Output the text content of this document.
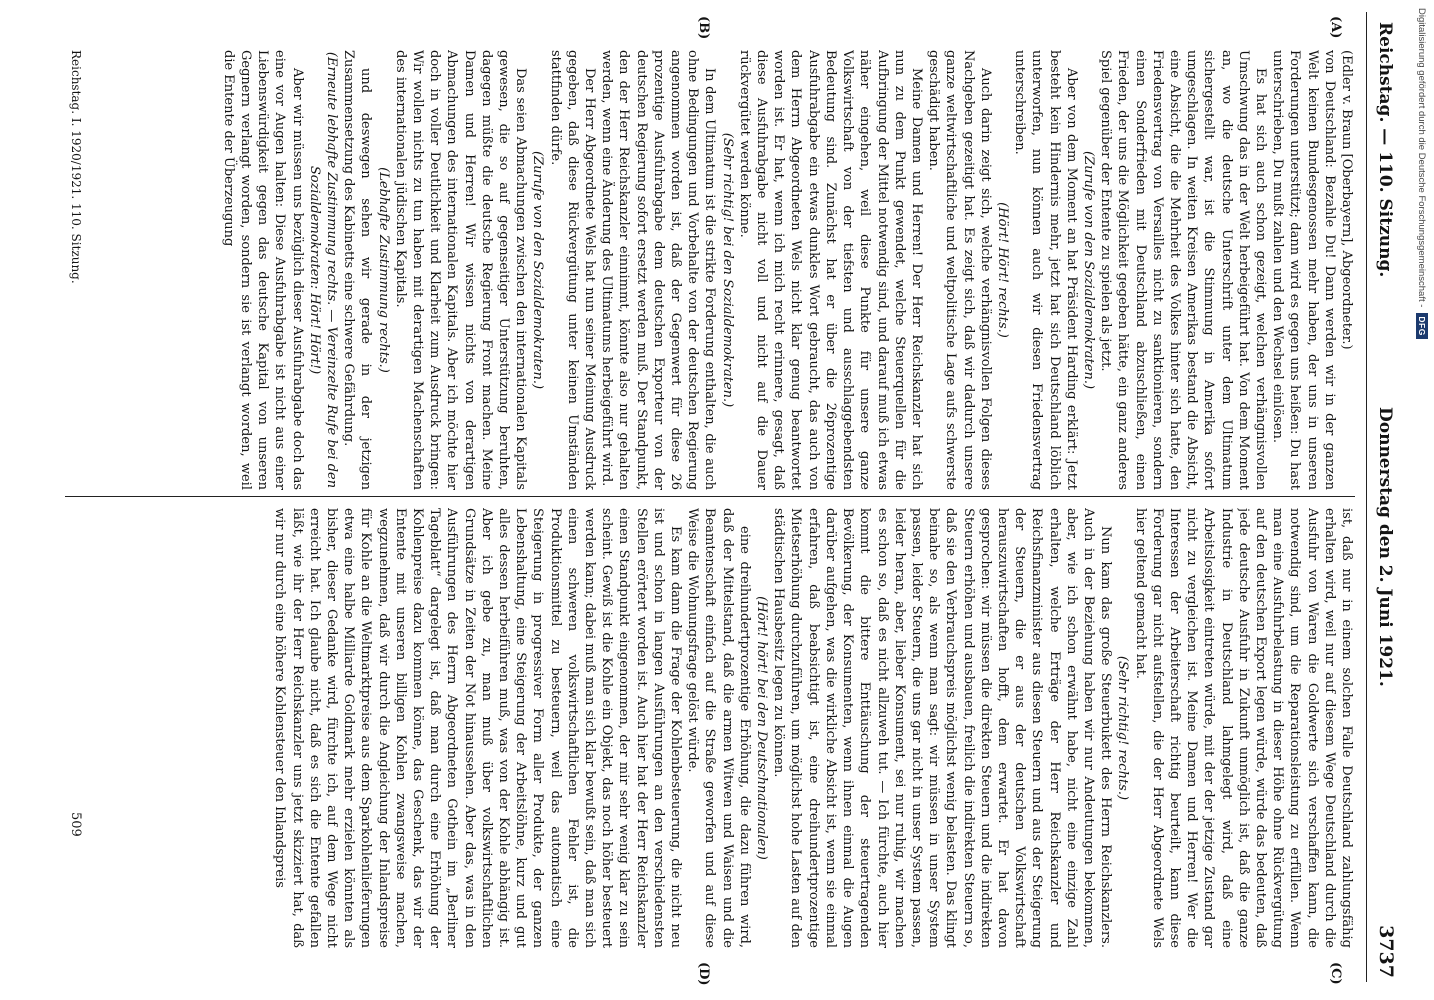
Reichstag. — 110. Sitzung.
Donnerstag den 2. Juni 1921.
3737
(A)
(B)
(C)
(D)

(Edler v. Braun [Oberbayern], Abgeordneter.)

von Deutschland: Bezahle Du! Dann werden wir in der ganzen Welt keinen Bundesgenossen mehr haben, der uns in unseren Forderungen unterstützt; dann wird es gegen uns heißen: Du hast unterschrieben, Du mußt zahlen und den Wechsel einlösen.

Es hat sich auch schon gezeigt, welchen verhängnisvollen Umschwung das in der Welt herbeigeführt hat. Von dem Moment an, wo die deutsche Unterschrift unter dem Ultimatum sichergestellt war, ist die Stimmung in Amerika sofort umgeschlagen. In weiten Kreisen Amerikas bestand die Absicht, eine Absicht, die die Mehrheit des Volkes hinter sich hatte, den Friedensvertrag von Versailles nicht zu sanktionieren, sondern einen Sonderfrieden mit Deutschland abzuschließen, einen Frieden, der uns die Möglichkeit gegeben hätte, ein ganz anderes Spiel gegenüber der Entente zu spielen als jetzt.

(Zurufe von den Sozialdemokraten.)

Aber von dem Moment an hat Präsident Harding erklärt: Jetzt besteht kein Hindernis mehr, jetzt hat sich Deutschland löblich unterworfen, nun können auch wir diesen Friedensvertrag unterschreiben.

(Hört! Hört! rechts.)

Auch darin zeigt sich, welche verhängnisvollen Folgen dieses Nachgeben gezeitigt hat. Es zeigt sich, daß wir dadurch unsere ganze weltwirtschaftliche und weltpolitische Lage aufs schwerste geschädigt haben.

Meine Damen und Herren! Der Herr Reichskanzler hat sich nun zu dem Punkt gewendet, welche Steuerquellen für die Aufbringung der Mittel notwendig sind, und darauf muß ich etwas näher eingehen, weil diese Punkte für unsere ganze Volkswirtschaft von der tiefsten und ausschlaggebendsten Bedeutung sind. Zunächst hat er über die 26prozentige Ausfuhrabgabe ein etwas dunkles Wort gebraucht, das auch von dem Herrn Abgeordneten Wels nicht klar genug beantwortet worden ist. Er hat, wenn ich mich recht erinnere, gesagt, daß diese Ausfuhrabgabe nicht voll und nicht auf die Dauer rückvergütet werden könne.

(Sehr richtig! bei den Sozialdemokraten.)

In dem Ultimatum ist die strikte Forderung enthalten, die auch ohne Bedingungen und Vorbehalte von der deutschen Regierung angenommen worden ist, daß der Gegenwert für diese 26 prozentige Ausfuhrabgabe dem deutschen Exporteur von der deutschen Regierung sofort ersetzt werden muß. Der Standpunkt, den der Herr Reichskanzler einnimmt, könnte also nur gehalten werden, wenn eine Änderung des Ultimatums herbeigeführt wird.

Der Herr Abgeordnete Wels hat nun seiner Meinung Ausdruck gegeben, daß diese Rückvergütung unter keinen Umständen stattfinden dürfe.

(Zurufe von den Sozialdemokraten.)

Das seien Abmachungen zwischen den internationalen Kapitals gewesen, die so auf gegenseitiger Unterstützung beruhten, dagegen müßte die deutsche Regierung Front machen. Meine Damen und Herren! Wir wissen nichts von derartigen Abmachungen des internationalen Kapitals. Aber ich möchte hier doch in voller Deutlichkeit und Klarheit zum Ausdruck bringen: Wir wollen nichts zu tun haben mit derartigen Machenschaften des internationalen jüdischen Kapitals.

(Lebhafte Zustimmung rechts.)

und deswegen sehen wir gerade in der jetzigen Zusammensetzung des Kabinetts eine schwere Gefährdung.

(Erneute lebhafte Zustimmung rechts. — Vereinzelte Rufe bei den Sozialdemokraten: Hört! Hört!)

Aber wir müssen uns bezüglich dieser Ausfuhrabgabe doch das eine vor Augen halten: Diese Ausfuhrabgabe ist nicht aus einer Liebenswürdigkeit gegen das deutsche Kapital von unseren Gegnern verlangt worden, sondern sie ist verlangt worden, weil die Entente der Überzeugung

ist, daß nur in einem solchen Falle Deutschland zahlungsfähig erhalten wird, weil nur auf diesem Wege Deutschland durch die Ausfuhr von Waren die Goldwerte sich verschaffen kann, die notwendig sind, um die Reparationsleistung zu erfüllen. Wenn man eine Ausfuhrbelastung in dieser Höhe ohne Rückvergütung auf den deutschen Export legen würde, würde das bedeuten, daß jede deutsche Ausfuhr in Zukunft unmöglich ist, daß die ganze Industrie in Deutschland lahmgelegt wird, daß eine Arbeitslosigkeit eintreten würde, mit der der jetzige Zustand gar nicht zu vergleichen ist. Meine Damen und Herren! Wer die Interessen der Arbeiterschaft richtig beurteilt, kann diese Forderung gar nicht aufstellen, die der Herr Abgeordnete Wels hier geltend gemacht hat.

(Sehr richtig! rechts.)

Nun kam das große Steuerbukett des Herrn Reichskanzlers. Auch in der Beziehung haben wir nur Andeutungen bekommen, aber, wie ich schon erwähnt habe, nicht eine einzige Zahl erhalten, welche Erträge der Herr Reichskanzler und Reichsfinanzminister aus diesen Steuern und aus der Steigerung der Steuern, die er aus der deutschen Volkswirtschaft herauszuwirtschaften hofft, dem erwartet. Er hat davon gesprochen: wir müssen die direkten Steuern und die indirekten Steuern erhöhen und ausbauen, freilich die indirekten Steuern so, daß sie den Verbrauchspreis möglichst wenig belasten. Das klingt beinahe so, als wenn man sagt: wir müssen in unser System passen, leider Steuern, die uns gar nicht in unser System passen, leider heran, aber, lieber Konsument, sei nur ruhig, wir machen es schon so, daß es nicht allzuweh tut. — Ich fürchte, auch hier kommt die bittere Enttäuschung der steuertragenden Bevölkerung, der Konsumenten, wenn ihnen einmal die Augen darüber aufgehen, was die wirkliche Absicht ist, wenn sie einmal erfahren, daß beabsichtigt ist, eine dreihundertprozentige Mietserhöhung durchzuführen, um möglichst hohe Lasten auf den städtischen Hausbesitz legen zu können.

(Hört! hört! bei den Deutschnationalen)

eine dreihundertprozentige Erhöhung, die dazu führen wird, daß der Mittelstand, daß die armen Witwen und Waisen und die Beamtenschaft einfach auf die Straße geworfen und auf diese Weise die Wohnungsfrage gelöst würde.

Es kam dann die Frage der Kohlenbesteuerung, die nicht neu ist und schon in langen Ausführungen an den verschiedensten Stellen erörtert worden ist. Auch hier hat der Herr Reichskanzler einen Standpunkt eingenommen, der mir sehr wenig klar zu sein scheint. Gewiß ist die Kohle ein Objekt, das noch höher besteuert werden kann; dabei muß man sich klar bewußt sein, daß man sich einen schweren volkswirtschaftlichen Fehler ist, die Produktionsmittel zu besteuern, weil das automatisch eine Steigerung in progressiver Form aller Produkte, der ganzen Lebenshaltung, eine Steigerung der Arbeitslöhne, kurz und gut alles dessen herbeiführen muß, was von der Kohle abhängig ist. Aber ich gebe zu, man muß über volkswirtschaftlichen Grundsätze in Zeiten der Not hinaussehen. Aber das, was in den Ausführungen des Herrn Abgeordneten Gothein im „Berliner Tageblatt“ dargelegt ist, daß man durch eine Erhöhung der Kohlenpreise dazu kommen könne, das Geschenk, das wir der Entente mit unseren billigen Kohlen zwangsweise machen, wegzunehmen, daß wir durch die Angleichung der Inlandspreise für Kohle an die Weltmarktpreise aus dem Sparkohlenlieferungen etwa eine halbe Milliarde Goldmark mehr erzielen könnten als bisher, dieser Gedanke wird, fürchte ich, auf dem Wege nicht erreicht hat. Ich glaube nicht, daß es sich die Entente gefallen läßt, wie ihr der Herr Reichskanzler uns jetzt skizziert hat, daß wir nur durch eine höhere Kohlensteuer den Inlandspreis

Reichstag. I. 1920/1921. 110. Sitzung.
509
Digitalisierung gefördert durch die Deutsche Forschungsgemeinschaft -
DFG
